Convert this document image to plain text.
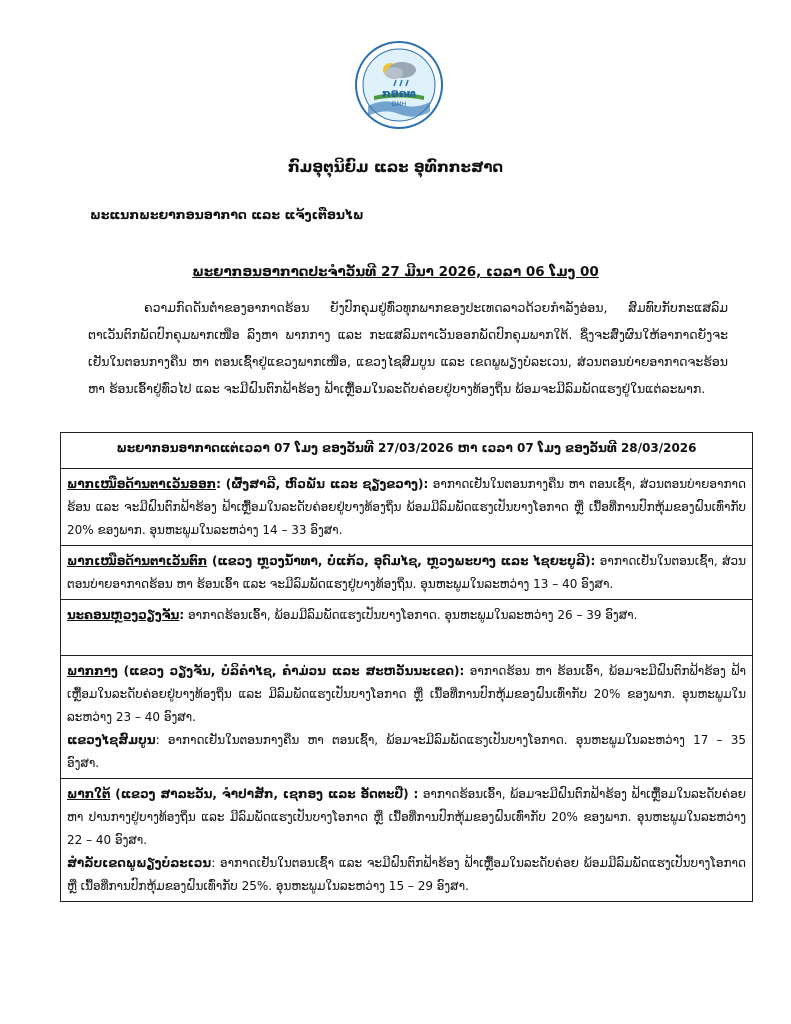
ກອຄທ
DMH
ກົມອຸຕຸນິຍົມ ແລະ ອຸທົກກະສາດ
ພະແນກພະຍາກອນອາກາດ ແລະ ແຈ້ງເຕືອນໄພ
ພະຍາກອນອາກາດປະຈຳວັນທີ 27 ມີນາ 2026, ເວລາ 06 ໂມງ 00

ຄວາມກົດດັນຕ່ຳຂອງອາກາດຮ້ອນ ຍັງປົກຄຸມຢູ່ທົ່ວທຸກພາກຂອງປະເທດລາວດ້ວຍກຳລັງອ່ອນ, ສົມທົບກັບກະແສລົມຕາເວັນຕົກພັດປົກຄຸມພາກເໜືອ ລົງຫາ ພາກກາງ ແລະ ກະແສລົມຕາເວັນອອກພັດປົກຄຸມພາກໃຕ້. ຊຶ່ງຈະສົ່ງຜົນໃຫ້ອາກາດຍັງຈະເຢັນໃນຕອນກາງຄືນ ຫາ ຕອນເຊົ້າຢູ່ແຂວງພາກເໜືອ, ແຂວງໄຊສົມບູນ ແລະ ເຂດພູພຽງບໍລະເວນ, ສ່ວນຕອນບ່າຍອາກາດຈະຮ້ອນ ຫາ ຮ້ອນເອົ້າຢູ່ທົ່ວໄປ ແລະ ຈະມີຝົນຕົກຟ້າຮ້ອງ ຟ້າເຫຼື້ອມໃນລະດັບຄ່ອຍຢູ່ບາງທ້ອງຖິ່ນ ພ້ອມຈະມີລົມພັດແຮງຢູ່ໃນແຕ່ລະພາກ.

ພະຍາກອນອາກາດແຕ່ເວລາ 07 ໂມງ ຂອງວັນທີ 27/03/2026 ຫາ ເວລາ 07 ໂມງ ຂອງວັນທີ 28/03/2026
ພາກເໜືອດ້ານຕາເວັນອອກ: (ຜົ້ງສາລີ, ຫົວພັນ ແລະ ຊຽງຂວາງ): ອາກາດເຢັນໃນຕອນກາງຄືນ ຫາ ຕອນເຊົ້າ, ສ່ວນຕອນບ່າຍອາກາດຮ້ອນ ແລະ ຈະມີຝົນຕົກຟ້າຮ້ອງ ຟ້າເຫຼື້ອມໃນລະດັບຄ່ອຍຢູ່ບາງທ້ອງຖິ່ນ ພ້ອມມີລົມພັດແຮງເປັນບາງໂອກາດ ຫຼື ເນື້ອທີ່ການປົກຫຸ້ມຂອງຝົນເທົ່າກັບ 20% ຂອງພາກ. ອຸນຫະພູມໃນລະຫວ່າງ 14 – 33 ອົງສາ.
ພາກເໜືອດ້ານຕາເວັນຕົກ (ແຂວງ ຫຼວງນ້ຳທາ, ບໍ່ແກ້ວ, ອຸດົມໄຊ, ຫຼວງພະບາງ ແລະ ໄຊຍະບູລີ): ອາກາດເຢັນໃນຕອນເຊົ້າ, ສ່ວນຕອນບ່າຍອາກາດຮ້ອນ ຫາ ຮ້ອນເອົ້າ ແລະ ຈະມີລົມພັດແຮງຢູ່ບາງທ້ອງຖິ່ນ. ອຸນຫະພູມໃນລະຫວ່າງ 13 – 40 ອົງສາ.
ນະຄອນຫຼວງວຽງຈັນ: ອາກາດຮ້ອນເອົ້າ, ພ້ອມມີລົມພັດແຮງເປັນບາງໂອກາດ. ອຸນຫະພູມໃນລະຫວ່າງ 26 – 39 ອົງສາ.
ພາກກາງ (ແຂວງ ວຽງຈັນ, ບໍລິຄຳໄຊ, ຄຳມ່ວນ ແລະ ສະຫວັນນະເຂດ): ອາກາດຮ້ອນ ຫາ ຮ້ອນເອົ້າ, ພ້ອມຈະມີຝົນຕົກຟ້າຮ້ອງ ຟ້າເຫຼື້ອມໃນລະດັບຄ່ອຍຢູ່ບາງທ້ອງຖິ່ນ ແລະ ມີລົມພັດແຮງເປັນບາງໂອກາດ ຫຼື ເນື້ອທີ່ການປົກຫຸ້ມຂອງຝົນເທົ່າກັບ 20% ຂອງພາກ. ອຸນຫະພູມໃນລະຫວ່າງ 23 – 40 ອົງສາ.
ແຂວງໄຊສົມບູນ: ອາກາດເຢັນໃນຕອນກາງຄືນ ຫາ ຕອນເຊົ້າ, ພ້ອມຈະມີລົມພັດແຮງເປັນບາງໂອກາດ. ອຸນຫະພູມໃນລະຫວ່າງ 17 – 35 ອົງສາ.
ພາກໃຕ້ (ແຂວງ ສາລະວັນ, ຈຳປາສັກ, ເຊກອງ ແລະ ອັດຕະປື) : ອາກາດຮ້ອນເອົ້າ, ພ້ອມຈະມີຝົນຕົກຟ້າຮ້ອງ ຟ້າເຫຼື້ອມໃນລະດັບຄ່ອຍ ຫາ ປານກາງຢູ່ບາງທ້ອງຖິ່ນ ແລະ ມີລົມພັດແຮງເປັນບາງໂອກາດ ຫຼື ເນື້ອທີ່ການປົກຫຸ້ມຂອງຝົນເທົ່າກັບ 20% ຂອງພາກ. ອຸນຫະພູມໃນລະຫວ່າງ 22 – 40 ອົງສາ.
ສຳລັບເຂດພູພຽງບໍລະເວນ: ອາກາດເຢັນໃນຕອນເຊົ້າ ແລະ ຈະມີຝົນຕົກຟ້າຮ້ອງ ຟ້າເຫຼື້ອມໃນລະດັບຄ່ອຍ ພ້ອມມີລົມພັດແຮງເປັນບາງໂອກາດ ຫຼື ເນື້ອທີ່ການປົກຫຸ້ມຂອງຝົນເທົ່າກັບ 25%. ອຸນຫະພູມໃນລະຫວ່າງ 15 – 29 ອົງສາ.
